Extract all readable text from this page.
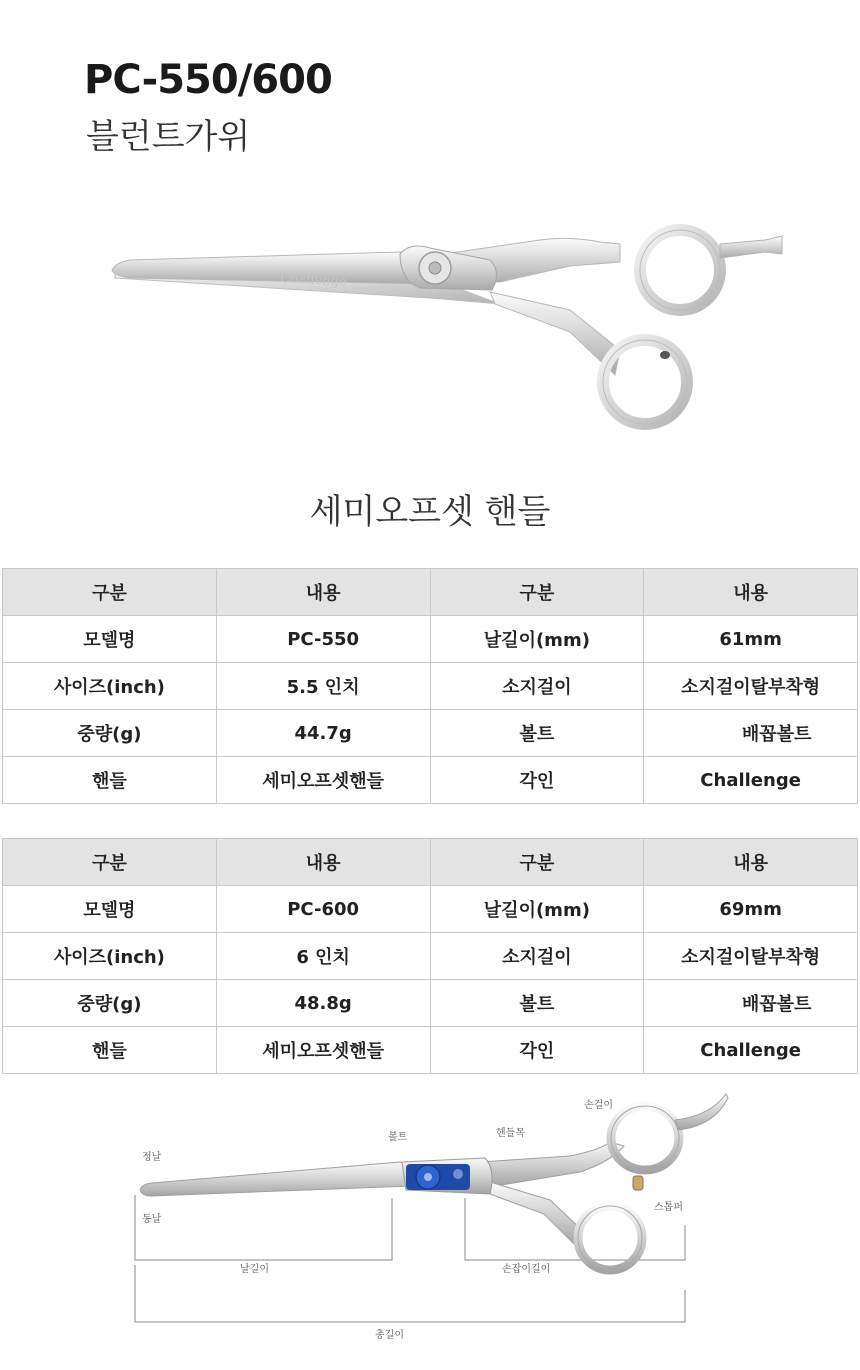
PC-550/600
블런트가위
Challenge
세미오프셋 핸들
구분	내용	구분	내용
모델명	PC-550	날길이(mm)	61mm
사이즈(inch)	5.5 인치	소지걸이	소지걸이탈부착형
중량(g)	44.7g	볼트	배꼽볼트
핸들	세미오프셋핸들	각인	Challenge
구분	내용	구분	내용
모델명	PC-600	날길이(mm)	69mm
사이즈(inch)	6 인치	소지걸이	소지걸이탈부착형
중량(g)	48.8g	볼트	배꼽볼트
핸들	세미오프셋핸들	각인	Challenge
정날
동날
볼트	핸들목
손걸이
스톱퍼
날길이	손잡이길이
총길이
